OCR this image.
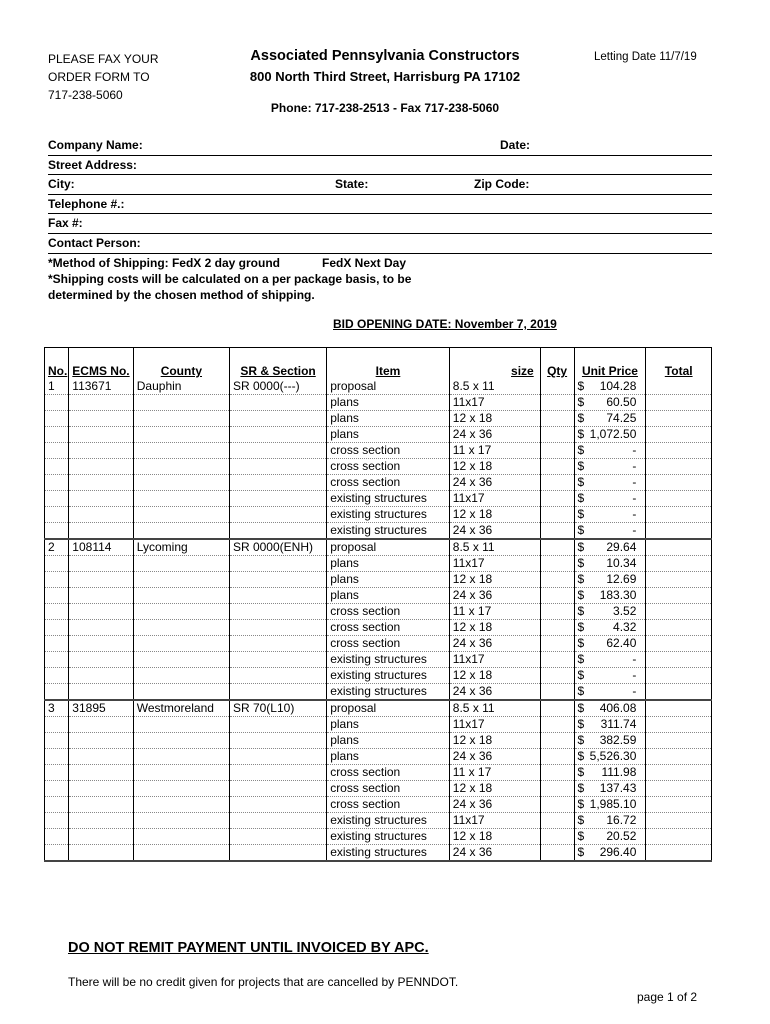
PLEASE FAX YOUR
ORDER FORM TO
717-238-5060
Associated Pennsylvania Constructors
800 North Third Street, Harrisburg PA 17102
Phone: 717-238-2513 - Fax 717-238-5060
Letting Date 11/7/19
Company Name:	Date:
Street Address:
City:	State:	Zip Code:
Telephone #.:
Fax #:
Contact Person:
*Method of Shipping: FedX 2 day ground	FedX Next Day
*Shipping costs will be calculated on a per package basis, to be
determined by the chosen method of shipping.
BID OPENING DATE: November 7, 2019
No.	ECMS No.	County	SR & Section	Item	size	Qty	Unit Price	Total
1	113671	Dauphin	SR 0000(---)	proposal	8.5 x 11		$ 104.28	

				plans	11x17		$ 60.50	

				plans	12 x 18		$ 74.25	

				plans	24 x 36		$ 1,072.50	

				cross section	11 x 17		$ -	

				cross section	12 x 18		$ -	

				cross section	24 x 36		$ -	

				existing structures	11x17		$ -	

				existing structures	12 x 18		$ -	

				existing structures	24 x 36		$ -	

2	108114	Lycoming	SR 0000(ENH)	proposal	8.5 x 11		$ 29.64	

				plans	11x17		$ 10.34	

				plans	12 x 18		$ 12.69	

				plans	24 x 36		$ 183.30	

				cross section	11 x 17		$ 3.52	

				cross section	12 x 18		$ 4.32	

				cross section	24 x 36		$ 62.40	

				existing structures	11x17		$ -	

				existing structures	12 x 18		$ -	

				existing structures	24 x 36		$ -	

3	31895	Westmoreland	SR 70(L10)	proposal	8.5 x 11		$ 406.08	

				plans	11x17		$ 311.74	

				plans	12 x 18		$ 382.59	

				plans	24 x 36		$ 5,526.30	

				cross section	11 x 17		$ 111.98	

				cross section	12 x 18		$ 137.43	

				cross section	24 x 36		$ 1,985.10	

				existing structures	11x17		$ 16.72	

				existing structures	12 x 18		$ 20.52	

				existing structures	24 x 36		$ 296.40	

DO NOT REMIT PAYMENT UNTIL INVOICED BY APC.
There will be no credit given for projects that are cancelled by PENNDOT.
page 1 of 2
